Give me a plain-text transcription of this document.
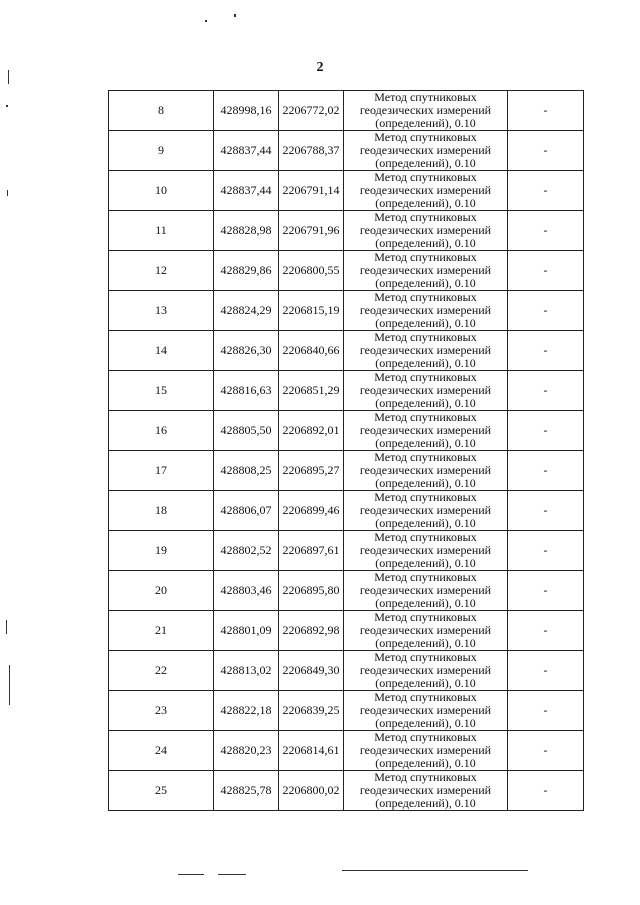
2
8	428998,16	2206772,02	Метод спутниковых
геодезических измерений
(определений), 0.10	-
9	428837,44	2206788,37	Метод спутниковых
геодезических измерений
(определений), 0.10	-
10	428837,44	2206791,14	Метод спутниковых
геодезических измерений
(определений), 0.10	-
11	428828,98	2206791,96	Метод спутниковых
геодезических измерений
(определений), 0.10	-
12	428829,86	2206800,55	Метод спутниковых
геодезических измерений
(определений), 0.10	-
13	428824,29	2206815,19	Метод спутниковых
геодезических измерений
(определений), 0.10	-
14	428826,30	2206840,66	Метод спутниковых
геодезических измерений
(определений), 0.10	-
15	428816,63	2206851,29	Метод спутниковых
геодезических измерений
(определений), 0.10	-
16	428805,50	2206892,01	Метод спутниковых
геодезических измерений
(определений), 0.10	-
17	428808,25	2206895,27	Метод спутниковых
геодезических измерений
(определений), 0.10	-
18	428806,07	2206899,46	Метод спутниковых
геодезических измерений
(определений), 0.10	-
19	428802,52	2206897,61	Метод спутниковых
геодезических измерений
(определений), 0.10	-
20	428803,46	2206895,80	Метод спутниковых
геодезических измерений
(определений), 0.10	-
21	428801,09	2206892,98	Метод спутниковых
геодезических измерений
(определений), 0.10	-
22	428813,02	2206849,30	Метод спутниковых
геодезических измерений
(определений), 0.10	-
23	428822,18	2206839,25	Метод спутниковых
геодезических измерений
(определений), 0.10	-
24	428820,23	2206814,61	Метод спутниковых
геодезических измерений
(определений), 0.10	-
25	428825,78	2206800,02	Метод спутниковых
геодезических измерений
(определений), 0.10	-
